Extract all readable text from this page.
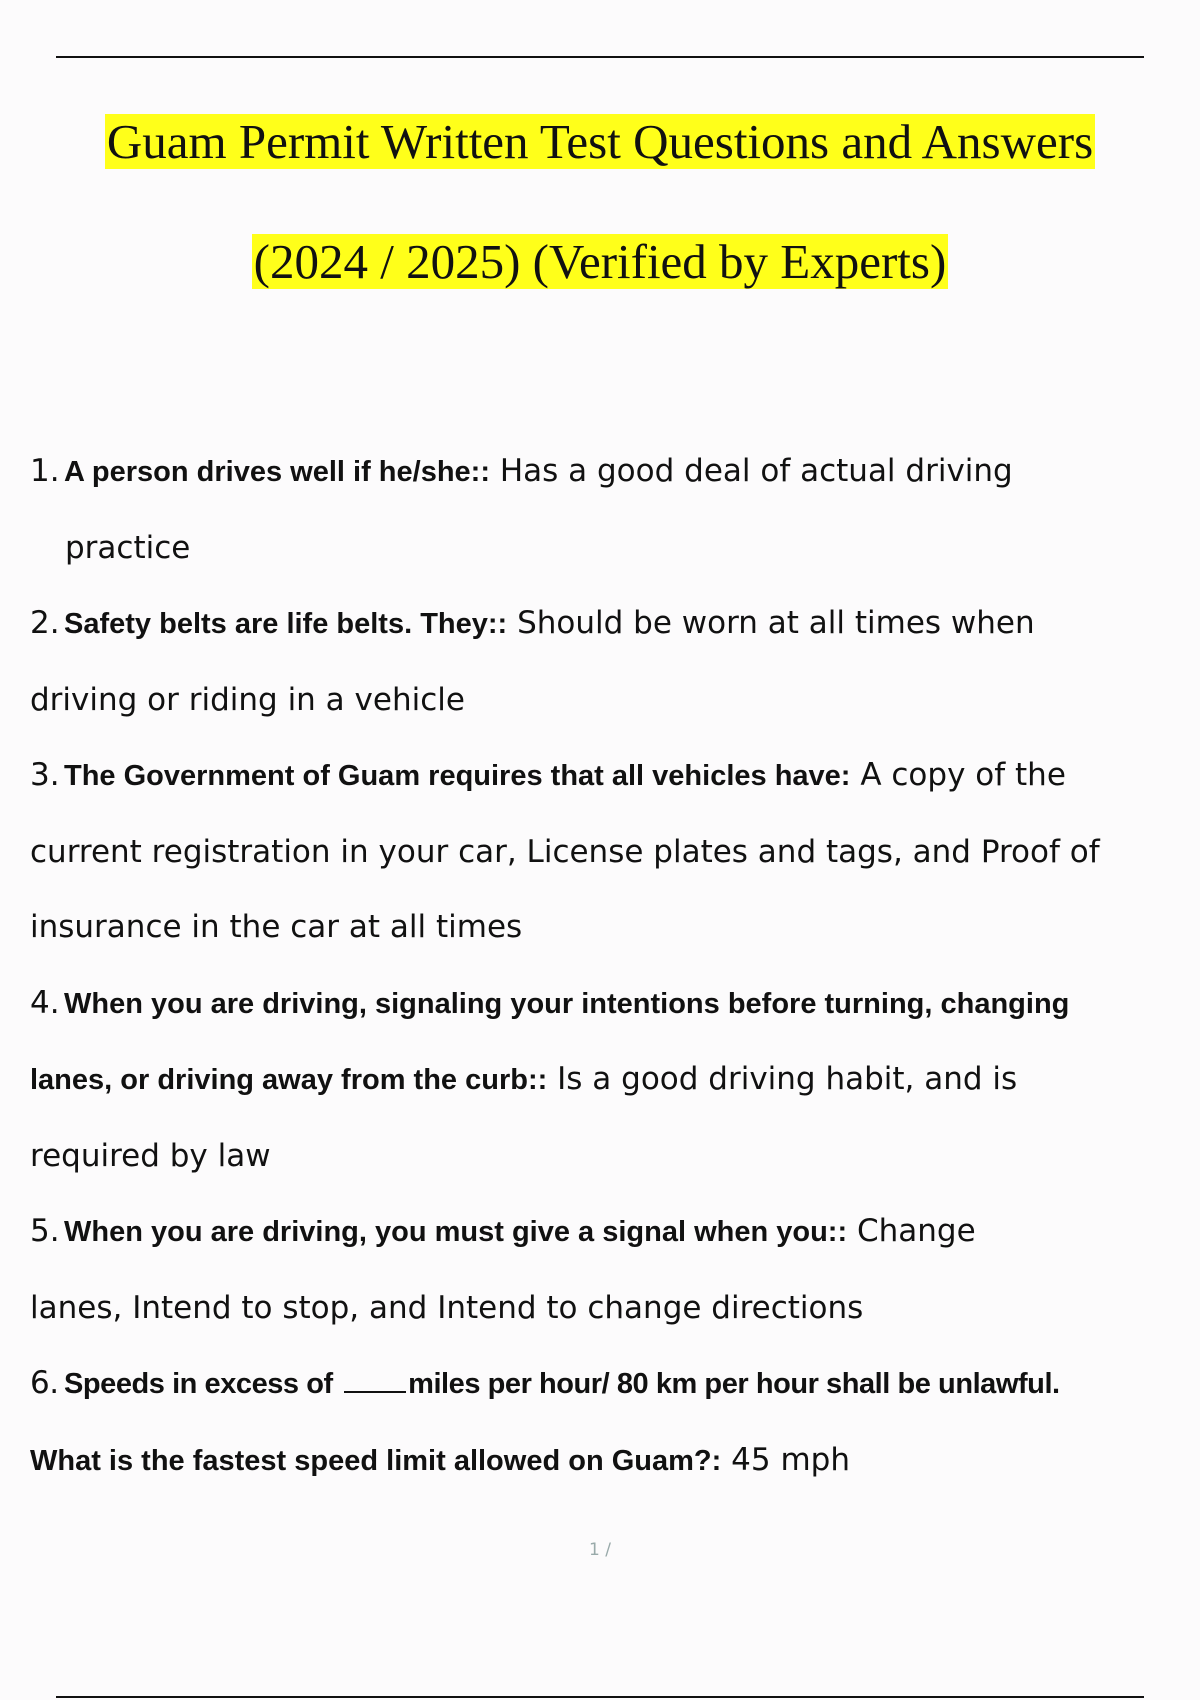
Guam Permit Written Test Questions and Answers
(2024 / 2025) (Verified by Experts)
1. A person drives well if he/she:: Has a good deal of actual driving
practice
2. Safety belts are life belts. They:: Should be worn at all times when
driving or riding in a vehicle
3. The Government of Guam requires that all vehicles have: A copy of the
current registration in your car, License plates and tags, and Proof of
insurance in the car at all times
4. When you are driving, signaling your intentions before turning, changing
lanes, or driving away from the curb:: Is a good driving habit, and is
required by law
5. When you are driving, you must give a signal when you:: Change
lanes, Intend to stop, and Intend to change directions
6. Speeds in excess of	miles per hour/ 80 km per hour shall be unlawful.
What is the fastest speed limit allowed on Guam?: 45 mph
1 /
